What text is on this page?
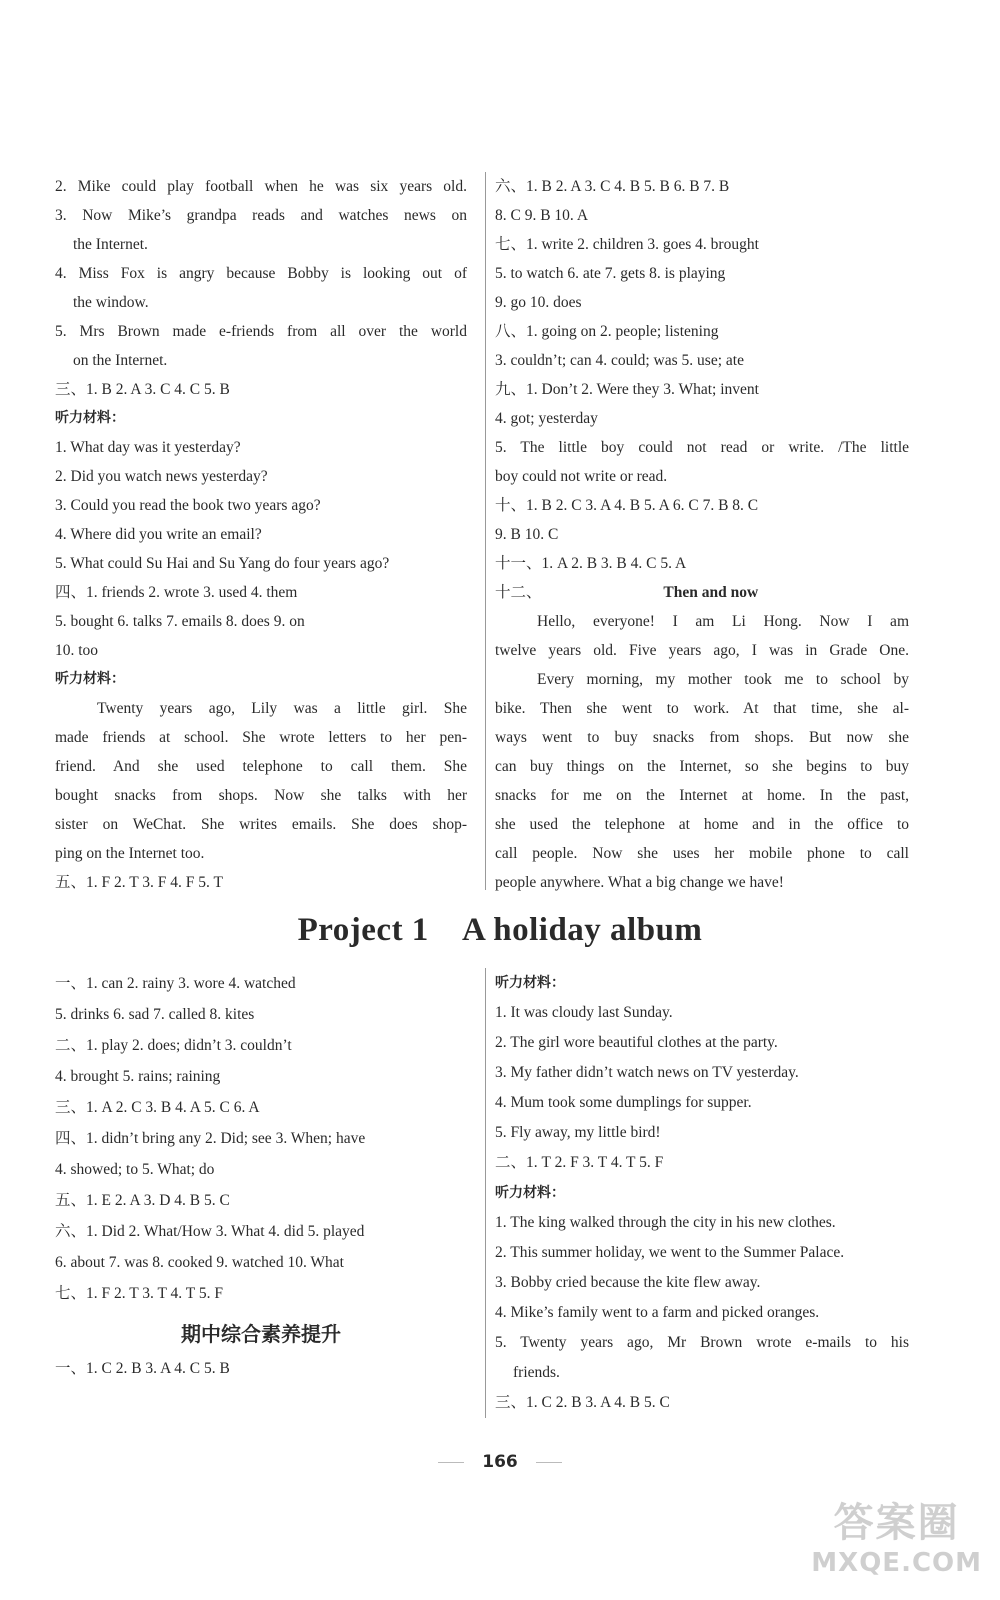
2. Mike could play football when he was six years old.
3. Now Mike’s grandpa reads and watches news on
the Internet.
4. Miss Fox is angry because Bobby is looking out of
the window.
5. Mrs Brown made e-friends from all over the world
on the Internet.
三、1. B 2. A 3. C 4. C 5. B
听力材料：
1. What day was it yesterday?
2. Did you watch news yesterday?
3. Could you read the book two years ago?
4. Where did you write an email?
5. What could Su Hai and Su Yang do four years ago?
四、1. friends 2. wrote 3. used 4. them
5. bought 6. talks 7. emails 8. does 9. on
10. too
听力材料：
Twenty years ago, Lily was a little girl. She
made friends at school. She wrote letters to her pen-
friend. And she used telephone to call them. She
bought snacks from shops. Now she talks with her
sister on WeChat. She writes emails. She does shop-
ping on the Internet too.
五、1. F 2. T 3. F 4. F 5. T
六、1. B 2. A 3. C 4. B 5. B 6. B 7. B
8. C 9. B 10. A
七、1. write 2. children 3. goes 4. brought
5. to watch 6. ate 7. gets 8. is playing
9. go 10. does
八、1. going on 2. people; listening
3. couldn’t; can 4. could; was 5. use; ate
九、1. Don’t 2. Were they 3. What; invent
4. got; yesterday
5. The little boy could not read or write. /The little
boy could not write or read.
十、1. B 2. C 3. A 4. B 5. A 6. C 7. B 8. C
9. B 10. C
十一、1. A 2. B 3. B 4. C 5. A
十二、	Then and now
Hello, everyone! I am Li Hong. Now I am
twelve years old. Five years ago, I was in Grade One.
Every morning, my mother took me to school by
bike. Then she went to work. At that time, she al-
ways went to buy snacks from shops. But now she
can buy things on the Internet, so she begins to buy
snacks for me on the Internet at home. In the past,
she used the telephone at home and in the office to
call people. Now she uses her mobile phone to call
people anywhere. What a big change we have!
Project 1    A holiday album
一、1. can 2. rainy 3. wore 4. watched
5. drinks 6. sad 7. called 8. kites
二、1. play 2. does; didn’t 3. couldn’t
4. brought 5. rains; raining
三、1. A 2. C 3. B 4. A 5. C 6. A
四、1. didn’t bring any 2. Did; see 3. When; have
4. showed; to 5. What; do
五、1. E 2. A 3. D 4. B 5. C
六、1. Did 2. What/How 3. What 4. did 5. played
6. about 7. was 8. cooked 9. watched 10. What
七、1. F 2. T 3. T 4. T 5. F
期中综合素养提升
一、1. C 2. B 3. A 4. C 5. B
听力材料：
1. It was cloudy last Sunday.
2. The girl wore beautiful clothes at the party.
3. My father didn’t watch news on TV yesterday.
4. Mum took some dumplings for supper.
5. Fly away, my little bird!
二、1. T 2. F 3. T 4. T 5. F
听力材料：
1. The king walked through the city in his new clothes.
2. This summer holiday, we went to the Summer Palace.
3. Bobby cried because the kite flew away.
4. Mike’s family went to a farm and picked oranges.
5. Twenty years ago, Mr Brown wrote e-mails to his
friends.
三、1. C 2. B 3. A 4. B 5. C
166
答案圈
MXQE.COM
